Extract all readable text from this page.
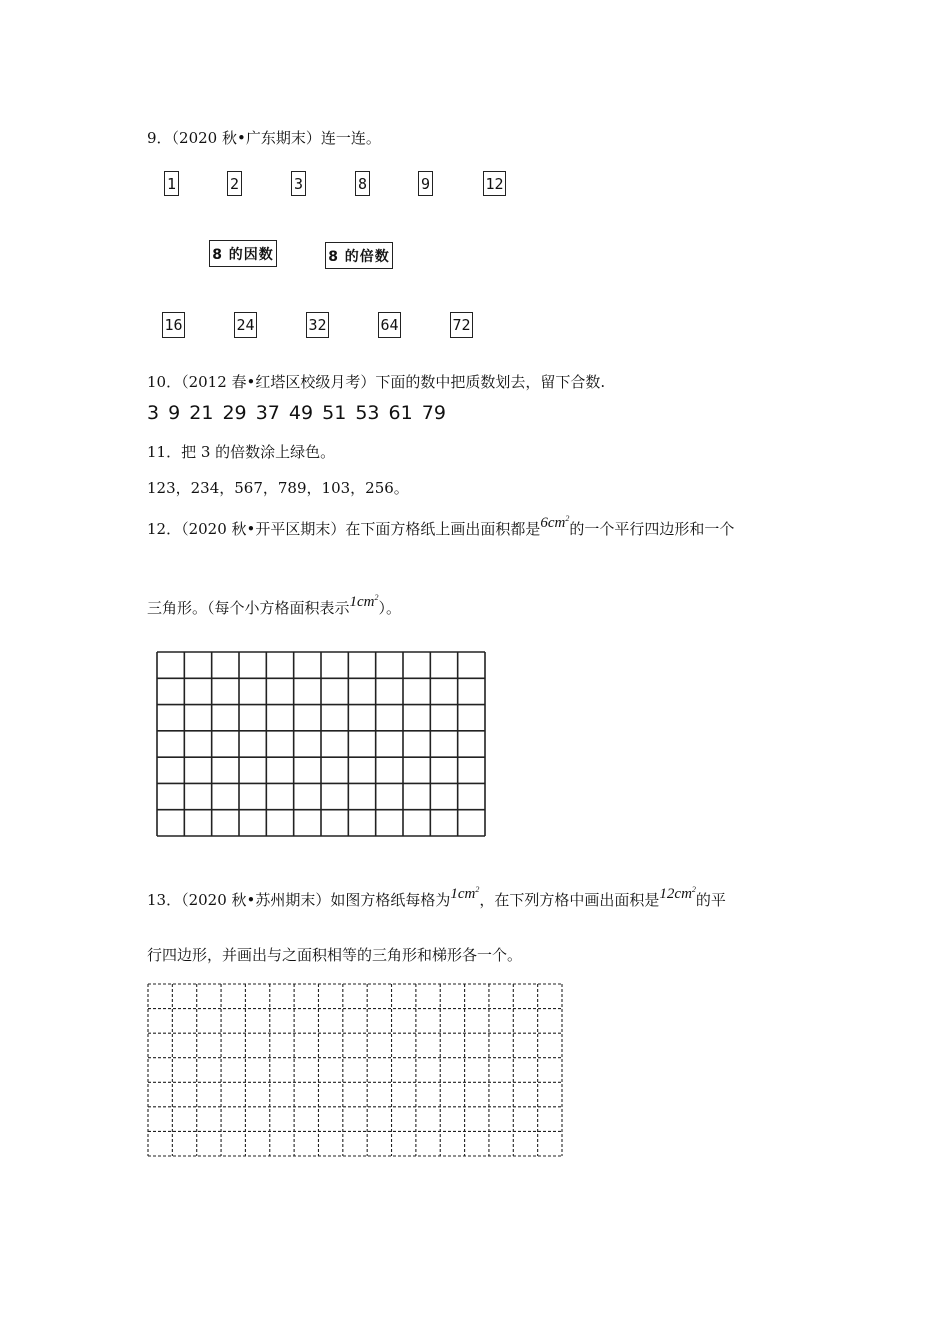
9．（2020 秋•广东期末）连一连。
1	2	3	8	9	12
8 的因数	8 的倍数
16	24	32	64	72
10．（2012 春•红塔区校级月考）下面的数中把质数划去，留下合数.
3 9 21 29 37 49 51 53 61 79
11．把 3 的倍数涂上绿色。
123，234，567，789，103，256。
12．（2020 秋•开平区期末）在下面方格纸上画出面积都是$6cm^2$的一个平行四边形和一个
三角形。（每个小方格面积表示$1cm^2$）。
13．（2020 秋•苏州期末）如图方格纸每格为$1cm^2$，在下列方格中画出面积是$12cm^2$的平
行四边形，并画出与之面积相等的三角形和梯形各一个。
